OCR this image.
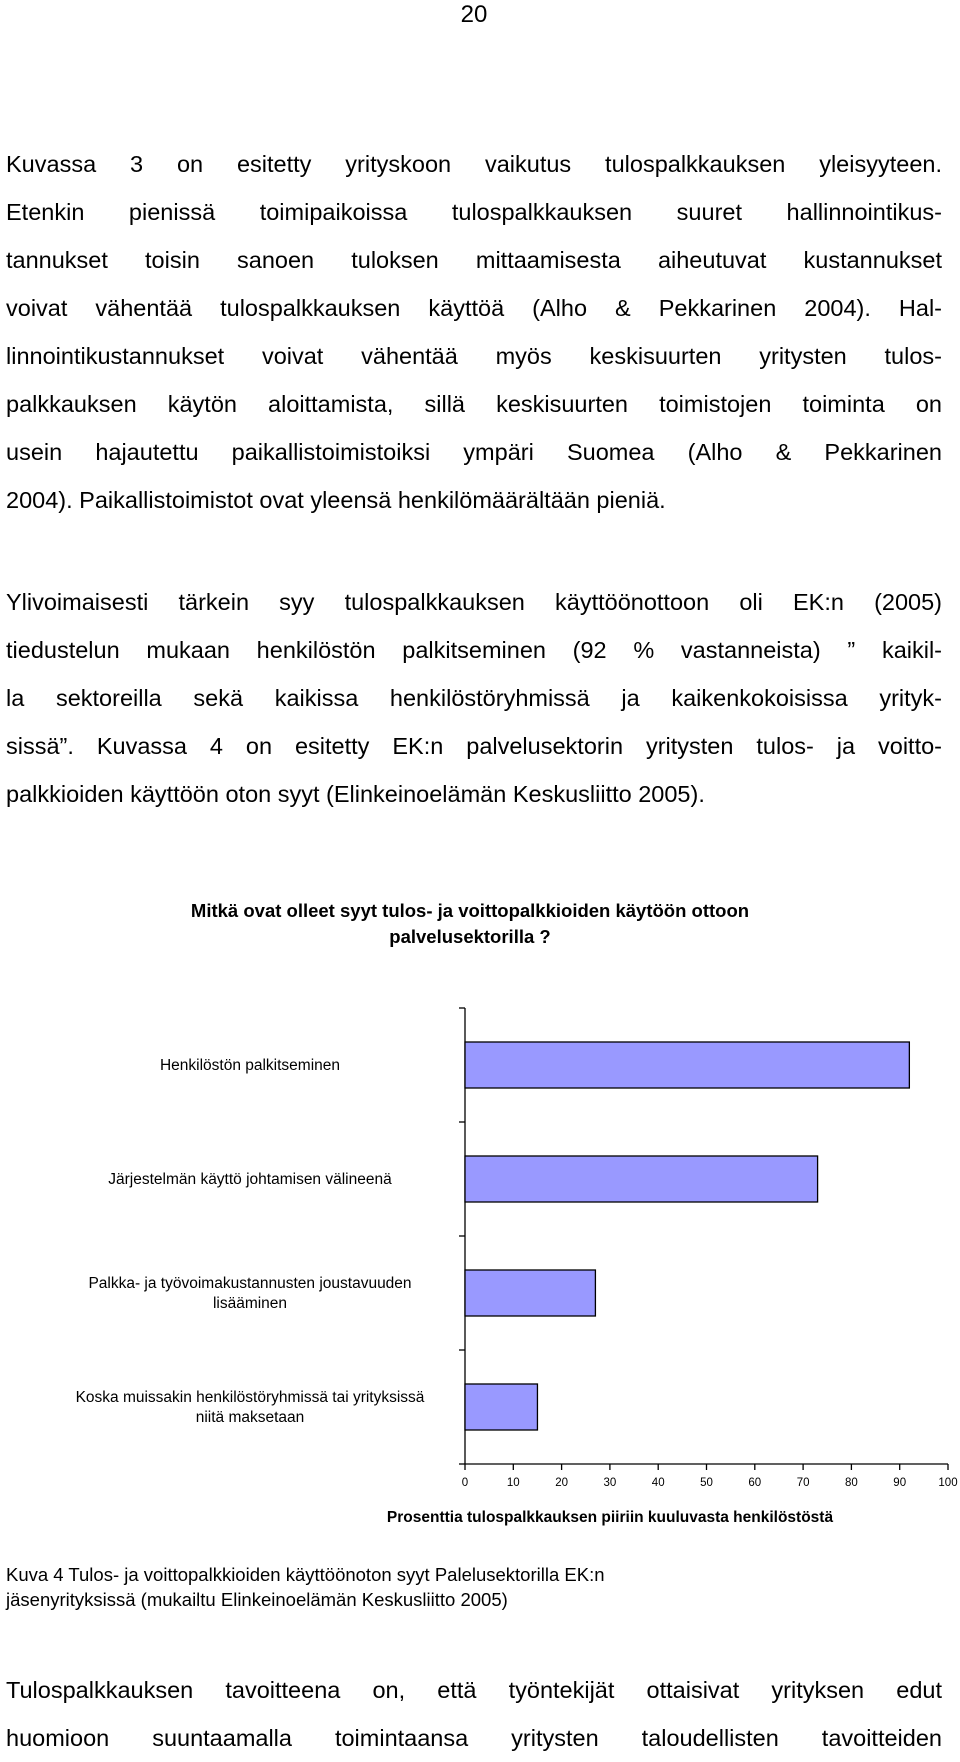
20

Kuvassa 3 on esitetty yrityskoon vaikutus tulospalkkauksen yleisyyteen.
Etenkin pienissä toimipaikoissa tulospalkkauksen suuret hallinnointikus-
tannukset toisin sanoen tuloksen mittaamisesta aiheutuvat kustannukset
voivat vähentää tulospalkkauksen käyttöä (Alho & Pekkarinen 2004). Hal-
linnointikustannukset voivat vähentää myös keskisuurten yritysten tulos-
palkkauksen käytön aloittamista, sillä keskisuurten toimistojen toiminta on
usein hajautettu paikallistoimistoiksi ympäri Suomea (Alho & Pekkarinen
2004). Paikallistoimistot ovat yleensä henkilömäärältään pieniä.

Ylivoimaisesti tärkein syy tulospalkkauksen käyttöönottoon oli EK:n (2005)
tiedustelun mukaan henkilöstön palkitseminen (92 % vastanneista) ” kaikil-
la sektoreilla sekä kaikissa henkilöstöryhmissä ja kaikenkokoisissa yrityk-
sissä”. Kuvassa 4 on esitetty EK:n palvelusektorin yritysten tulos- ja voitto-
palkkioiden käyttöön oton syyt (Elinkeinoelämän Keskusliitto 2005).

Mitkä ovat olleet syyt tulos- ja voittopalkkioiden käytöön ottoon
palvelusektorilla ?
Henkilöstön palkitseminen
Järjestelmän käyttö johtamisen välineenä
Palkka- ja työvoimakustannusten joustavuuden
lisääminen
Koska muissakin henkilöstöryhmissä tai yrityksissä
niitä maksetaan
0	10	20	30	40	50	60	70	80	90	100
Prosenttia tulospalkkauksen piiriin kuuluvasta henkilöstöstä
Kuva 4 Tulos- ja voittopalkkioiden käyttöönoton syyt Palelusektorilla EK:n
jäsenyrityksissä (mukailtu Elinkeinoelämän Keskusliitto 2005)

Tulospalkkauksen tavoitteena on, että työntekijät ottaisivat yrityksen edut
huomioon suuntaamalla toimintaansa yritysten taloudellisten tavoitteiden
